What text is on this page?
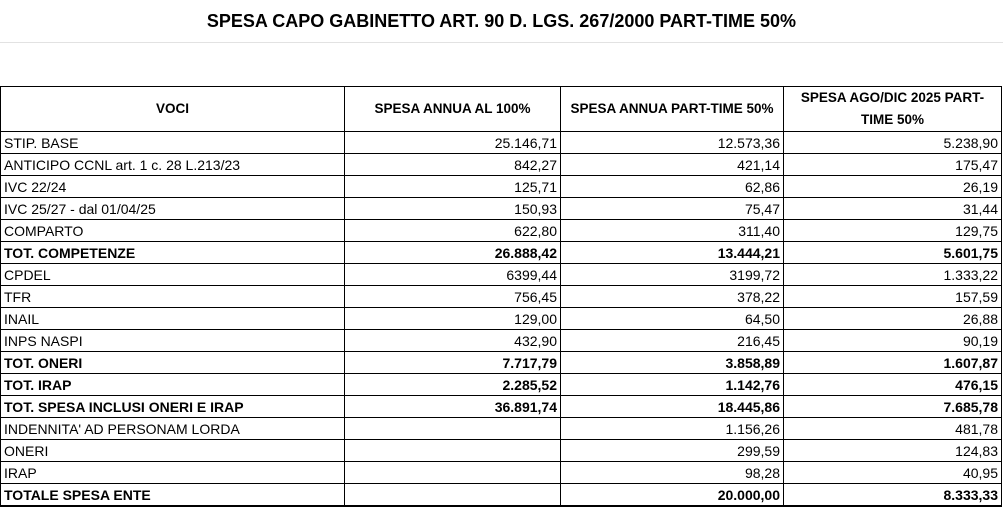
SPESA CAPO GABINETTO ART. 90 D. LGS. 267/2000 PART-TIME 50%
VOCI	SPESA ANNUA AL 100%	SPESA ANNUA PART-TIME 50%	SPESA AGO/DIC 2025 PART-TIME 50%
STIP. BASE	25.146,71	12.573,36	5.238,90
ANTICIPO CCNL art. 1 c. 28 L.213/23	842,27	421,14	175,47
IVC 22/24	125,71	62,86	26,19
IVC 25/27 - dal 01/04/25	150,93	75,47	31,44
COMPARTO	622,80	311,40	129,75
TOT. COMPETENZE	26.888,42	13.444,21	5.601,75
CPDEL	6399,44	3199,72	1.333,22
TFR	756,45	378,22	157,59
INAIL	129,00	64,50	26,88
INPS NASPI	432,90	216,45	90,19
TOT. ONERI	7.717,79	3.858,89	1.607,87
TOT. IRAP	2.285,52	1.142,76	476,15
TOT. SPESA INCLUSI ONERI E IRAP	36.891,74	18.445,86	7.685,78
INDENNITA' AD PERSONAM LORDA		1.156,26	481,78
ONERI		299,59	124,83
IRAP		98,28	40,95
TOTALE SPESA ENTE		20.000,00	8.333,33
